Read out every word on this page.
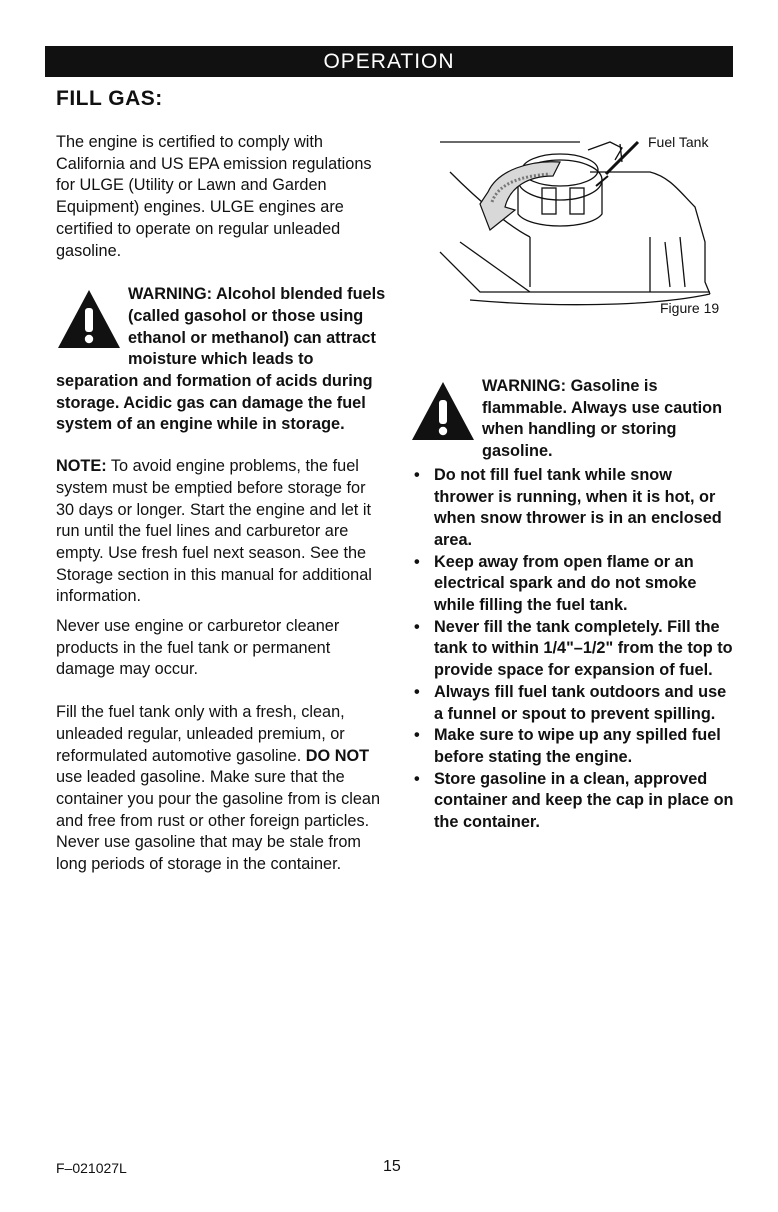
OPERATION
FILL GAS:

The engine is certified to comply with California and US EPA emission regulations for ULGE (Utility or Lawn and Garden Equipment) engines. ULGE engines are certified to operate on regular unleaded gasoline.

WARNING: Alcohol blended fuels (called gasohol or those using ethanol or methanol) can attract moisture which leads to separation and formation of acids during storage. Acidic gas can damage the fuel system of an engine while in storage.

NOTE: To avoid engine problems, the fuel system must be emptied before storage for 30 days or longer. Start the engine and let it run until the fuel lines and carburetor are empty. Use fresh fuel next season. See the Storage section in this manual for additional information.

Never use engine or carburetor cleaner products in the fuel tank or permanent damage may occur.

Fill the fuel tank only with a fresh, clean, unleaded regular, unleaded premium, or reformulated automotive gasoline. DO NOT use leaded gasoline. Make sure that the container you pour the gasoline from is clean and free from rust or other foreign particles. Never use gasoline that may be stale from long periods of storage in the container.

Fuel Tank
Figure 19
WARNING: Gasoline is flammable. Always use caution when handling or storing gasoline.
• Do not fill fuel tank while snow thrower is running, when it is hot, or when snow thrower is in an enclosed area.
• Keep away from open flame or an electrical spark and do not smoke while filling the fuel tank.
• Never fill the tank completely. Fill the tank to within 1/4"–1/2" from the top to provide space for expansion of fuel.
• Always fill fuel tank outdoors and use a funnel or spout to prevent spilling.
• Make sure to wipe up any spilled fuel before stating the engine.
• Store gasoline in a clean, approved container and keep the cap in place on the container.
F–021027L	15
